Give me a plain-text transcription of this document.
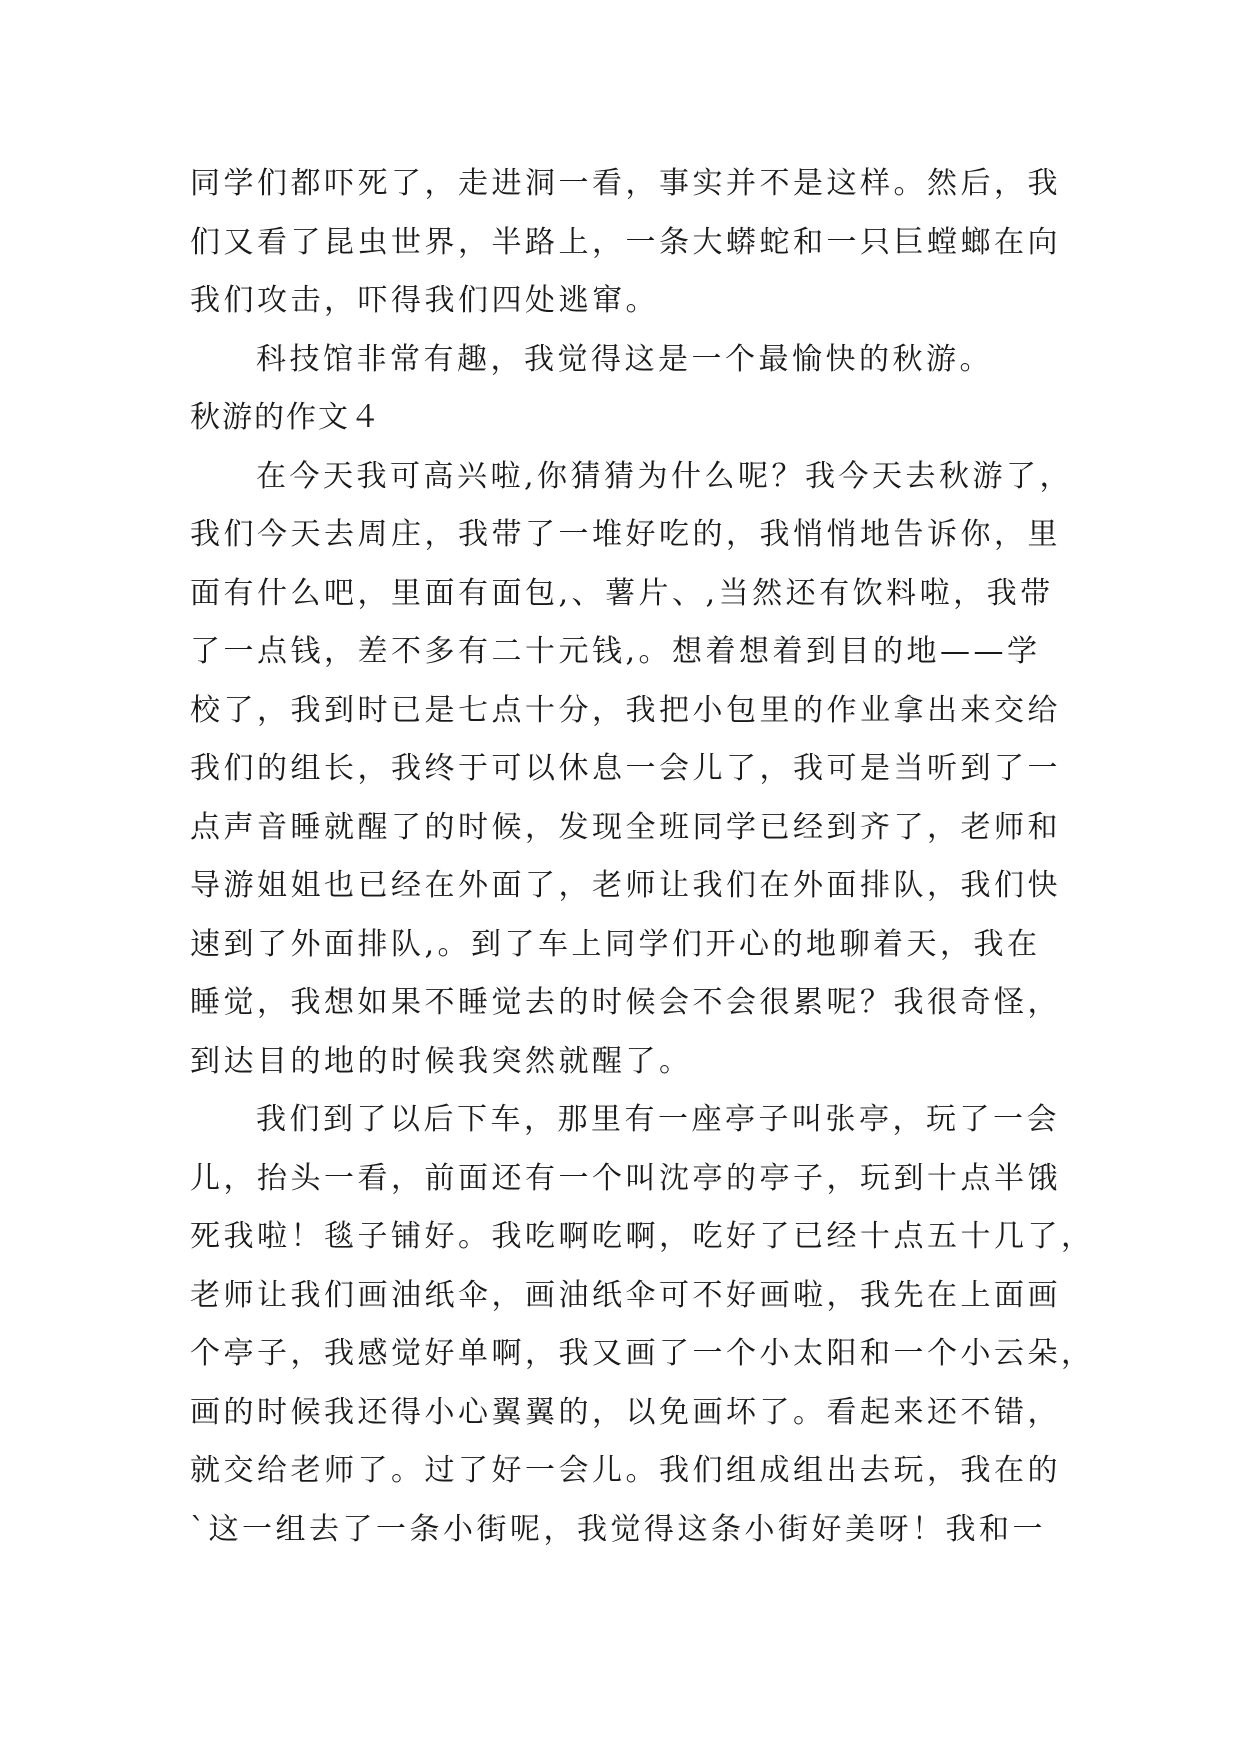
同学们都吓死了，走进洞一看，事实并不是这样。然后，我
们又看了昆虫世界，半路上，一条大蟒蛇和一只巨螳螂在向
我们攻击，吓得我们四处逃窜。
科技馆非常有趣，我觉得这是一个最愉快的秋游。
秋游的作文４
在今天我可高兴啦,你猜猜为什么呢？我今天去秋游了，
我们今天去周庄，我带了一堆好吃的，我悄悄地告诉你，里
面有什么吧，里面有面包,、薯片、,当然还有饮料啦，我带
了一点钱，差不多有二十元钱,。想着想着到目的地——学
校了，我到时已是七点十分，我把小包里的作业拿出来交给
我们的组长，我终于可以休息一会儿了，我可是当听到了一
点声音睡就醒了的时候，发现全班同学已经到齐了，老师和
导游姐姐也已经在外面了，老师让我们在外面排队，我们快
速到了外面排队,。到了车上同学们开心的地聊着天，我在
睡觉，我想如果不睡觉去的时候会不会很累呢？我很奇怪，
到达目的地的时候我突然就醒了。
我们到了以后下车，那里有一座亭子叫张亭，玩了一会
儿，抬头一看，前面还有一个叫沈亭的亭子，玩到十点半饿
死我啦！毯子铺好。我吃啊吃啊，吃好了已经十点五十几了，
老师让我们画油纸伞，画油纸伞可不好画啦，我先在上面画
个亭子，我感觉好单啊，我又画了一个小太阳和一个小云朵，
画的时候我还得小心翼翼的，以免画坏了。看起来还不错，
就交给老师了。过了好一会儿。我们组成组出去玩，我在的
`这一组去了一条小街呢，我觉得这条小街好美呀！我和一
